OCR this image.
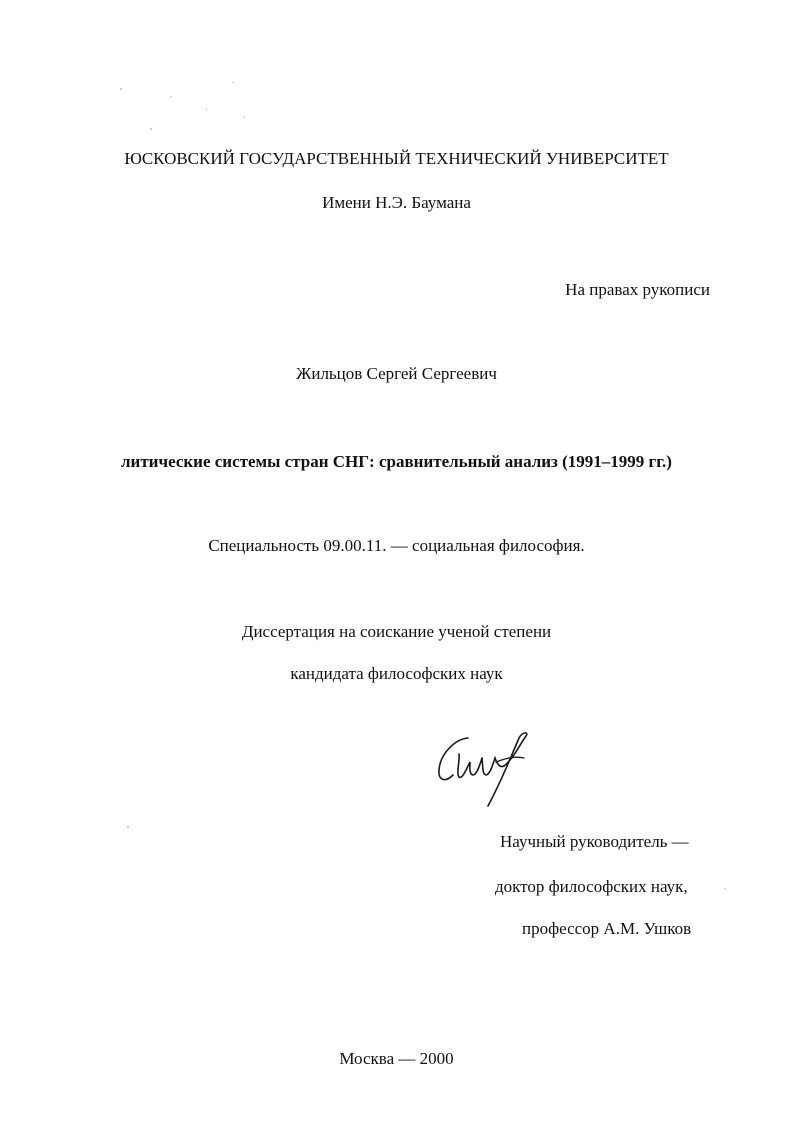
ЮСКОВСКИЙ ГОСУДАРСТВЕННЫЙ ТЕХНИЧЕСКИЙ УНИВЕРСИТЕТ
Имени Н.Э. Баумана
На правах рукописи
Жильцов Сергей Сергеевич
литические системы стран СНГ: сравнительный анализ (1991–1999 гг.)
Специальность 09.00.11. — социальная философия.
Диссертация на соискание ученой степени
кандидата философских наук
Научный руководитель —
доктор философских наук,
профессор А.М. Ушков
Москва — 2000
